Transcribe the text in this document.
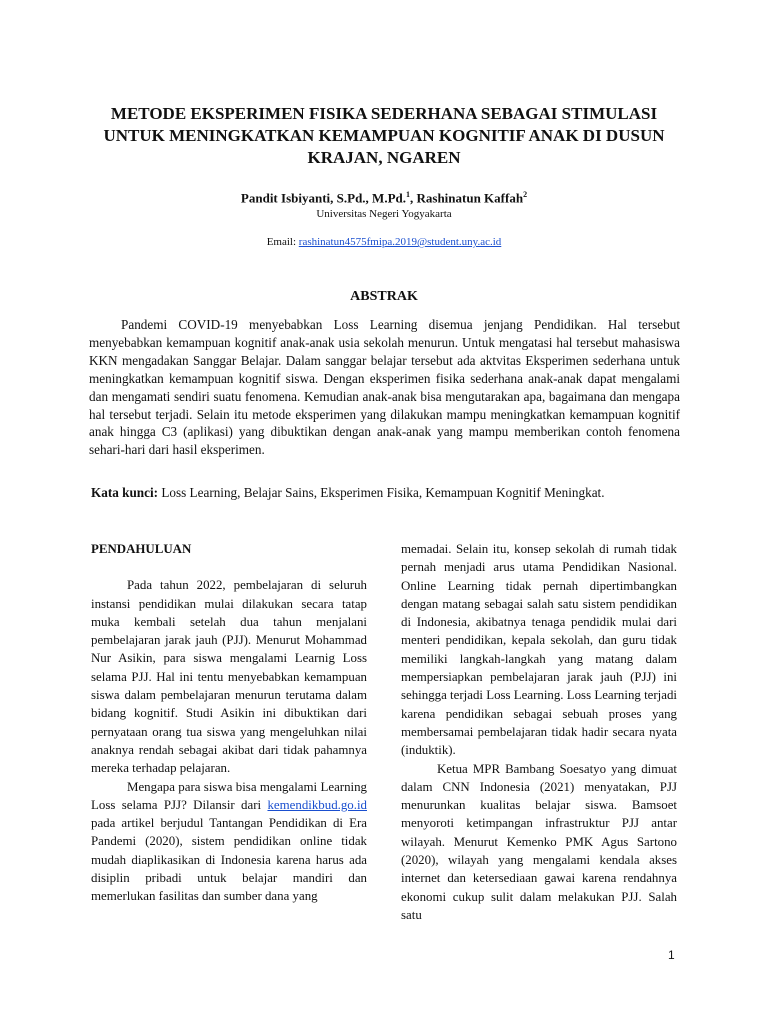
METODE EKSPERIMEN FISIKA SEDERHANA SEBAGAI STIMULASI UNTUK MENINGKATKAN KEMAMPUAN KOGNITIF ANAK DI DUSUN KRAJAN, NGAREN
Pandit Isbiyanti, S.Pd., M.Pd.$^1$, Rashinatun Kaffah$^2$
Universitas Negeri Yogyakarta
Email: rashinatun4575fmipa.2019@student.uny.ac.id
ABSTRAK

Pandemi COVID-19 menyebabkan Loss Learning disemua jenjang Pendidikan. Hal tersebut menyebabkan kemampuan kognitif anak-anak usia sekolah menurun. Untuk mengatasi hal tersebut mahasiswa KKN mengadakan Sanggar Belajar. Dalam sanggar belajar tersebut ada aktvitas Eksperimen sederhana untuk meningkatkan kemampuan kognitif siswa. Dengan eksperimen fisika sederhana anak-anak dapat mengalami dan mengamati sendiri suatu fenomena. Kemudian anak-anak bisa mengutarakan apa, bagaimana dan mengapa hal tersebut terjadi. Selain itu metode eksperimen yang dilakukan mampu meningkatkan kemampuan kognitif anak hingga C3 (aplikasi) yang dibuktikan dengan anak-anak yang mampu memberikan contoh fenomena sehari-hari dari hasil eksperimen.

Kata kunci: Loss Learning, Belajar Sains, Eksperimen Fisika, Kemampuan Kognitif Meningkat.

PENDAHULUAN

Pada tahun 2022, pembelajaran di seluruh instansi pendidikan mulai dilakukan secara tatap muka kembali setelah dua tahun menjalani pembelajaran jarak jauh (PJJ). Menurut Mohammad Nur Asikin, para siswa mengalami Learnig Loss selama PJJ. Hal ini tentu menyebabkan kemampuan siswa dalam pembelajaran menurun terutama dalam bidang kognitif. Studi Asikin ini dibuktikan dari pernyataan orang tua siswa yang mengeluhkan nilai anaknya rendah sebagai akibat dari tidak pahamnya mereka terhadap pelajaran.

Mengapa para siswa bisa mengalami Learning Loss selama PJJ? Dilansir dari kemendikbud.go.id pada artikel berjudul Tantangan Pendidikan di Era Pandemi (2020), sistem pendidikan online tidak mudah diaplikasikan di Indonesia karena harus ada disiplin pribadi untuk belajar mandiri dan memerlukan fasilitas dan sumber dana yang

memadai. Selain itu, konsep sekolah di rumah tidak pernah menjadi arus utama Pendidikan Nasional. Online Learning tidak pernah dipertimbangkan dengan matang sebagai salah satu sistem pendidikan di Indonesia, akibatnya tenaga pendidik mulai dari menteri pendidikan, kepala sekolah, dan guru tidak memiliki langkah-langkah yang matang dalam mempersiapkan pembelajaran jarak jauh (PJJ) ini sehingga terjadi Loss Learning. Loss Learning terjadi karena pendidikan sebagai sebuah proses yang membersamai pembelajaran tidak hadir secara nyata (induktik).

Ketua MPR Bambang Soesatyo yang dimuat dalam CNN Indonesia (2021) menyatakan, PJJ menurunkan kualitas belajar siswa. Bamsoet menyoroti ketimpangan infrastruktur PJJ antar wilayah. Menurut Kemenko PMK Agus Sartono (2020), wilayah yang mengalami kendala akses internet dan ketersediaan gawai karena rendahnya ekonomi cukup sulit dalam melakukan PJJ. Salah satu

1
